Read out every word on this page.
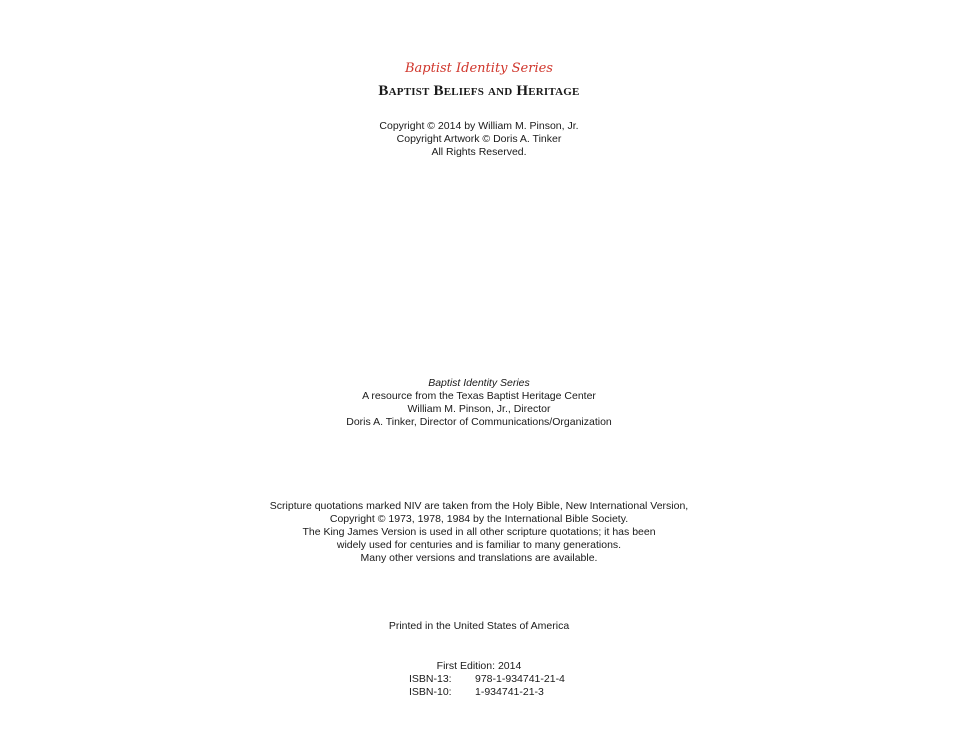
Baptist Identity Series
Baptist Beliefs and Heritage
Copyright © 2014 by William M. Pinson, Jr.
Copyright Artwork © Doris A. Tinker
All Rights Reserved.
Baptist Identity Series
A resource from the Texas Baptist Heritage Center
William M. Pinson, Jr., Director
Doris A. Tinker, Director of Communications/Organization
Scripture quotations marked NIV are taken from the Holy Bible, New International Version,
Copyright © 1973, 1978, 1984 by the International Bible Society.
The King James Version is used in all other scripture quotations; it has been
widely used for centuries and is familiar to many generations.
Many other versions and translations are available.
Printed in the United States of America
First Edition: 2014
ISBN-13: 978-1-934741-21-4
ISBN-10: 1-934741-21-3
